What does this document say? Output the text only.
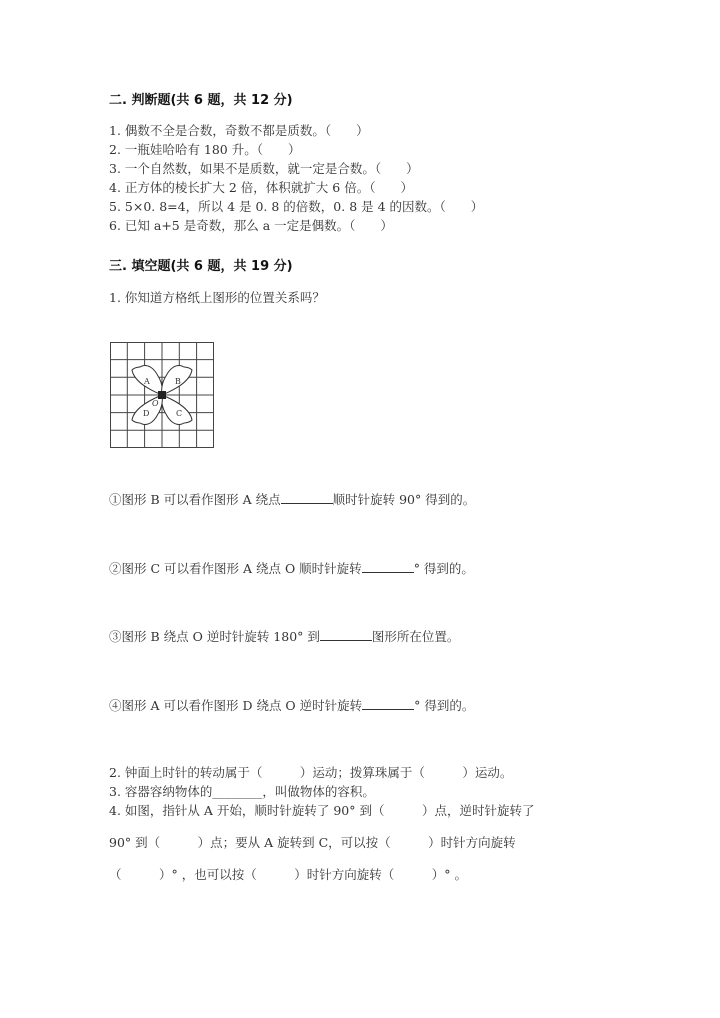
二. 判断题(共 6 题，共 12 分)
1. 偶数不全是合数，奇数不都是质数。（　　）
2. 一瓶娃哈哈有 180 升。（　　）
3. 一个自然数，如果不是质数，就一定是合数。（　　）
4. 正方体的棱长扩大 2 倍，体积就扩大 6 倍。（　　）
5. 5×0. 8=4，所以 4 是 0. 8 的倍数，0. 8 是 4 的因数。（　　）
6. 已知 a+5 是奇数，那么 a 一定是偶数。（　　）
三. 填空题(共 6 题，共 19 分)
1. 你知道方格纸上图形的位置关系吗？
A	B
C
D
O
①图形 B 可以看作图形 A 绕点	顺时针旋转 90° 得到的。
②图形 C 可以看作图形 A 绕点 O 顺时针旋转	° 得到的。
③图形 B 绕点 O 逆时针旋转 180° 到	图形所在位置。
④图形 A 可以看作图形 D 绕点 O 逆时针旋转	° 得到的。
2. 钟面上时针的转动属于（　　　）运动；拨算珠属于（　　　）运动。
3. 容器容纳物体的________，叫做物体的容积。
4. 如图，指针从 A 开始，顺时针旋转了 90° 到（　　　）点，逆时针旋转了
90° 到（　　　）点；要从 A 旋转到 C，可以按（　　　）时针方向旋转
（　　　）° ，也可以按（　　　）时针方向旋转（　　　）° 。
